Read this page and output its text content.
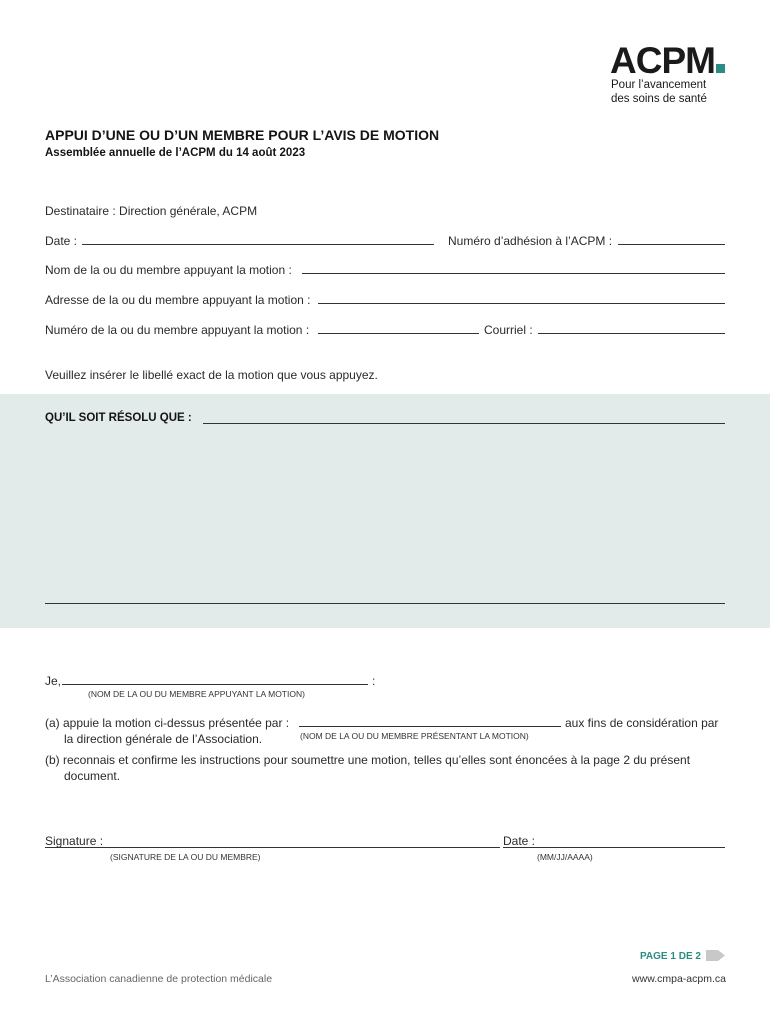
ACPM
Pour l’avancement
des soins de santé
APPUI D’UNE OU D’UN MEMBRE POUR L’AVIS DE MOTION
Assemblée annuelle de l’ACPM du 14 août 2023
Destinataire : Direction générale, ACPM
Date :	Numéro d’adhésion à l’ACPM :
Nom de la ou du membre appuyant la motion :
Adresse de la ou du membre appuyant la motion :
Numéro de la ou du membre appuyant la motion :	Courriel :
Veuillez insérer le libellé exact de la motion que vous appuyez.
QU’IL SOIT RÉSOLU QUE :
Je,	:
(NOM DE LA OU DU MEMBRE APPUYANT LA MOTION)
(a) appuie la motion ci-dessus présentée par :	aux fins de considération par
la direction générale de l’Association.	(NOM DE LA OU DU MEMBRE PRÉSENTANT LA MOTION)
(b) reconnais et confirme les instructions pour soumettre une motion, telles qu’elles sont énoncées à la page 2 du présent
document.
Signature :
(SIGNATURE DE LA OU DU MEMBRE)
Date :
(MM/JJ/AAAA)
PAGE 1 DE 2
L’Association canadienne de protection médicale	www.cmpa-acpm.ca
